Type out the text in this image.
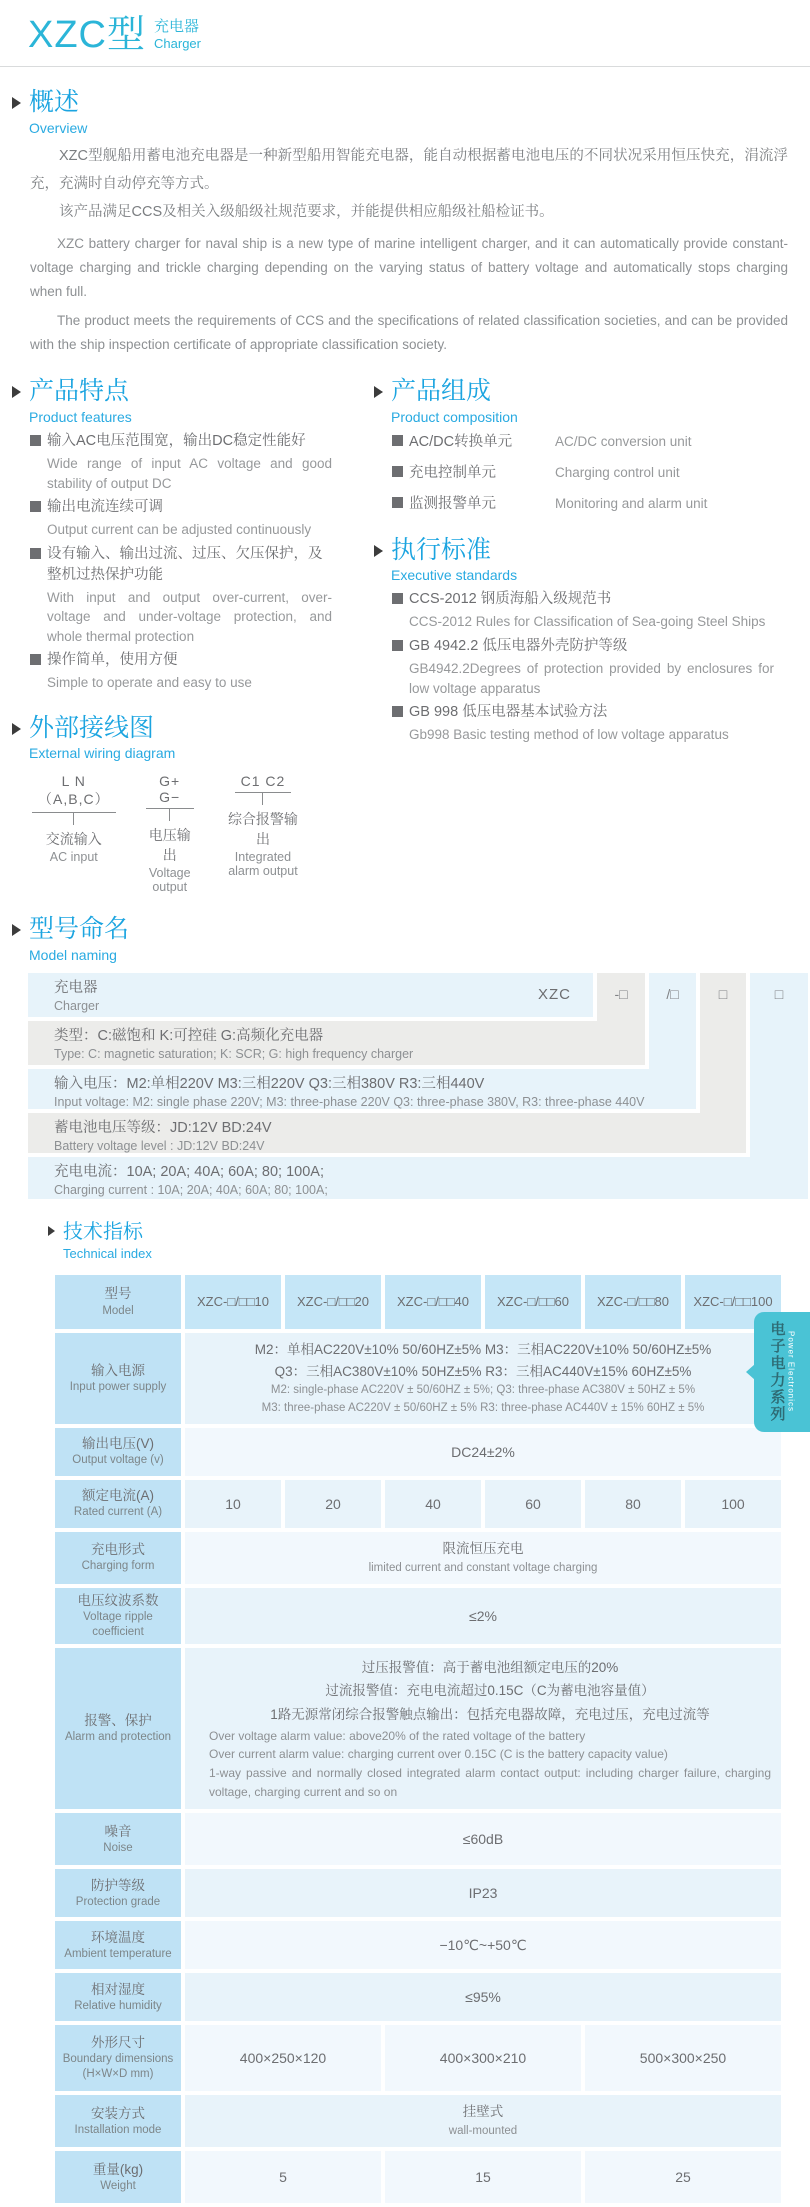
XZC型 充电器
Charger
概述
Overview

XZC型舰船用蓄电池充电器是一种新型船用智能充电器，能自动根据蓄电池电压的不同状况采用恒压快充，涓流浮充，充满时自动停充等方式。

该产品满足CCS及相关入级船级社规范要求，并能提供相应船级社船检证书。

XZC battery charger for naval ship is a new type of marine intelligent charger, and it can automatically provide constant-voltage charging and trickle charging depending on the varying status of battery voltage and automatically stops charging when full.

The product meets the requirements of CCS and the specifications of related classification societies, and can be provided with the ship inspection certificate of appropriate classification society.

产品特点
Product features
输入AC电压范围宽，输出DC稳定性能好
Wide range of input AC voltage and good stability of output DC
输出电流连续可调
Output current can be adjusted continuously
设有输入、输出过流、过压、欠压保护，及整机过热保护功能
With input and output over-current, over-voltage and under-voltage protection, and whole thermal protection
操作简单，使用方便
Simple to operate and easy to use
外部接线图
External wiring diagram
L N（A,B,C）
交流输入
AC input
G+ G−
电压输出
Voltage output
C1 C2
综合报警输出
Integrated alarm output
产品组成
Product composition
AC/DC转换单元	AC/DC conversion unit
充电控制单元	Charging control unit
监测报警单元	Monitoring and alarm unit
执行标准
Executive standards
CCS-2012 钢质海船入级规范书
CCS-2012 Rules for Classification of Sea-going Steel Ships
GB 4942.2 低压电器外壳防护等级
GB4942.2Degrees of protection provided by enclosures for low voltage apparatus
GB 998 低压电器基本试验方法
Gb998 Basic testing method of low voltage apparatus
型号命名
Model naming
-□	/□	□	□
充电器
Charger
XZC
类型：C:磁饱和 K:可控硅 G:高频化充电器
Type: C: magnetic saturation; K: SCR; G: high frequency charger
输入电压：M2:单相220V M3:三相220V Q3:三相380V R3:三相440V
Input voltage: M2: single phase 220V; M3: three-phase 220V Q3: three-phase 380V, R3: three-phase 440V
蓄电池电压等级：JD:12V BD:24V
Battery voltage level : JD:12V BD:24V
充电电流：10A; 20A; 40A; 60A; 80; 100A;
Charging current : 10A; 20A; 40A; 60A; 80; 100A;
技术指标
Technical index
型号
Model	XZC-□/□□10	XZC-□/□□20	XZC-□/□□40	XZC-□/□□60	XZC-□/□□80	XZC-□/□□100

输入电源
Input power supply

M2：单相AC220V±10% 50/60HZ±5% M3：三相AC220V±10% 50/60HZ±5%
Q3：三相AC380V±10% 50HZ±5% R3：三相AC440V±15% 60HZ±5%
M2: single-phase AC220V ± 50/60HZ ± 5%; Q3: three-phase AC380V ± 50HZ ± 5%
M3: three-phase AC220V ± 50/60HZ ± 5% R3: three-phase AC440V ± 15% 60HZ ± 5%

输出电压(V)
Output voltage (v)	DC24±2%					

额定电流(A)
Rated current (A)	10	20	40	60	80	100

充电形式
Charging form

限流恒压充电
limited current and constant voltage charging

电压纹波系数
Voltage ripple coefficient	≤2%					

报警、保护
Alarm and protection

过压报警值：高于蓄电池组额定电压的20%
过流报警值：充电电流超过0.15C（C为蓄电池容量值）
1路无源常闭综合报警触点输出：包括充电器故障，充电过压，充电过流等
Over voltage alarm value: above20% of the rated voltage of the battery
Over current alarm value: charging current over 0.15C (C is the battery capacity value)
1-way passive and normally closed integrated alarm contact output: including charger failure, charging voltage, charging current and so on

噪音
Noise	≤60dB					

防护等级
Protection grade	IP23					

环境温度
Ambient temperature	−10℃~+50℃					

相对湿度
Relative humidity	≤95%					

外形尺寸
Boundary dimensions
(H×W×D mm)	400×250×120		400×300×210		500×300×250	

安装方式
Installation mode

挂壁式
wall-mounted

重量(kg)
Weight	5		15		25	
电子电力系列 Power Electronics
